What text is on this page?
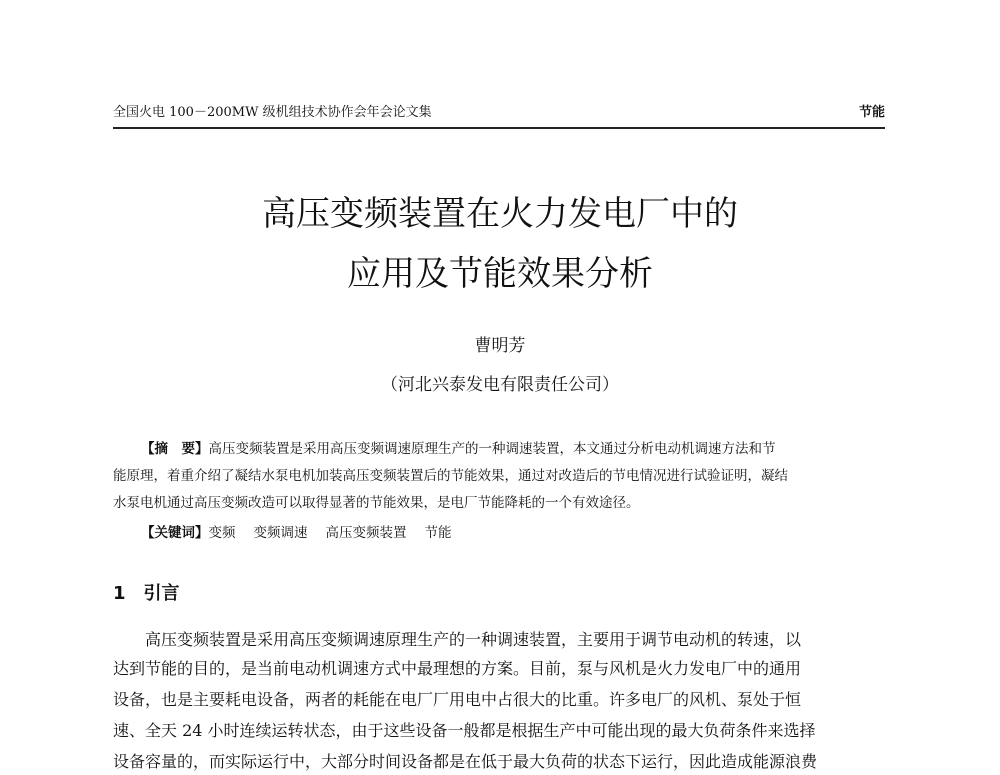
全国火电 100－200MW 级机组技术协作会年会论文集	节能
高压变频装置在火力发电厂中的
应用及节能效果分析
曹明芳
（河北兴泰发电有限责任公司）
【摘　要】高压变频装置是采用高压变频调速原理生产的一种调速装置，本文通过分析电动机调速方法和节
能原理，着重介绍了凝结水泵电机加装高压变频装置后的节能效果，通过对改造后的节电情况进行试验证明，凝结
水泵电机通过高压变频改造可以取得显著的节能效果，是电厂节能降耗的一个有效途径。
【关键词】变频 变频调速 高压变频装置 节能
1 引言
高压变频装置是采用高压变频调速原理生产的一种调速装置，主要用于调节电动机的转速，以
达到节能的目的，是当前电动机调速方式中最理想的方案。目前，泵与风机是火力发电厂中的通用
设备，也是主要耗电设备，两者的耗能在电厂厂用电中占很大的比重。许多电厂的风机、泵处于恒
速、全天 24 小时连续运转状态，由于这些设备一般都是根据生产中可能出现的最大负荷条件来选择
设备容量的，而实际运行中，大部分时间设备都是在低于最大负荷的状态下运行，因此造成能源浪费
